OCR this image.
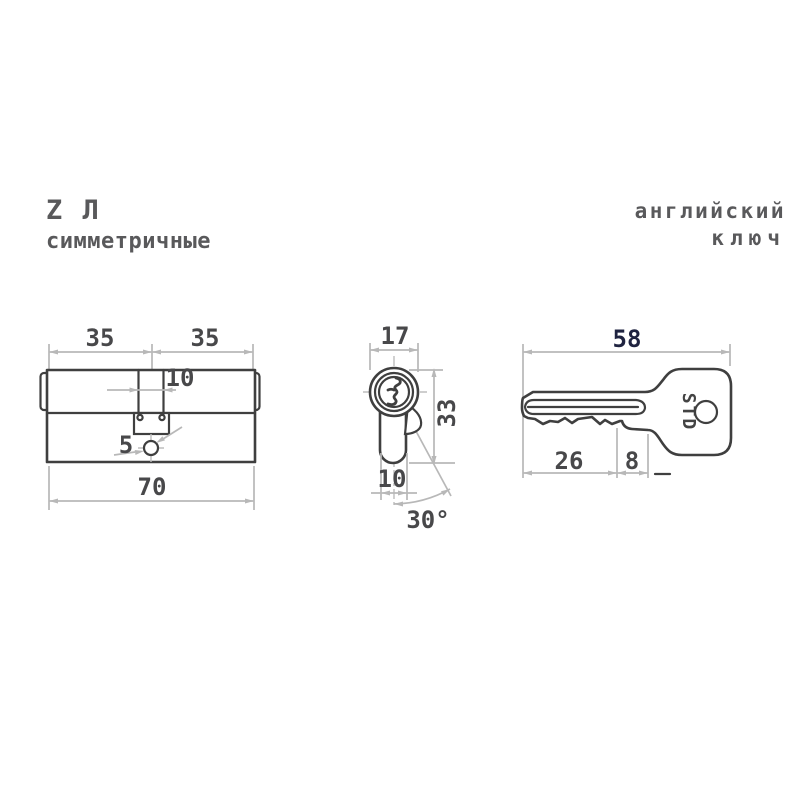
Z Л
симметричные
английский
ключ
35	35
10
5
70
17
33
10
30°
58
STD
26 8
